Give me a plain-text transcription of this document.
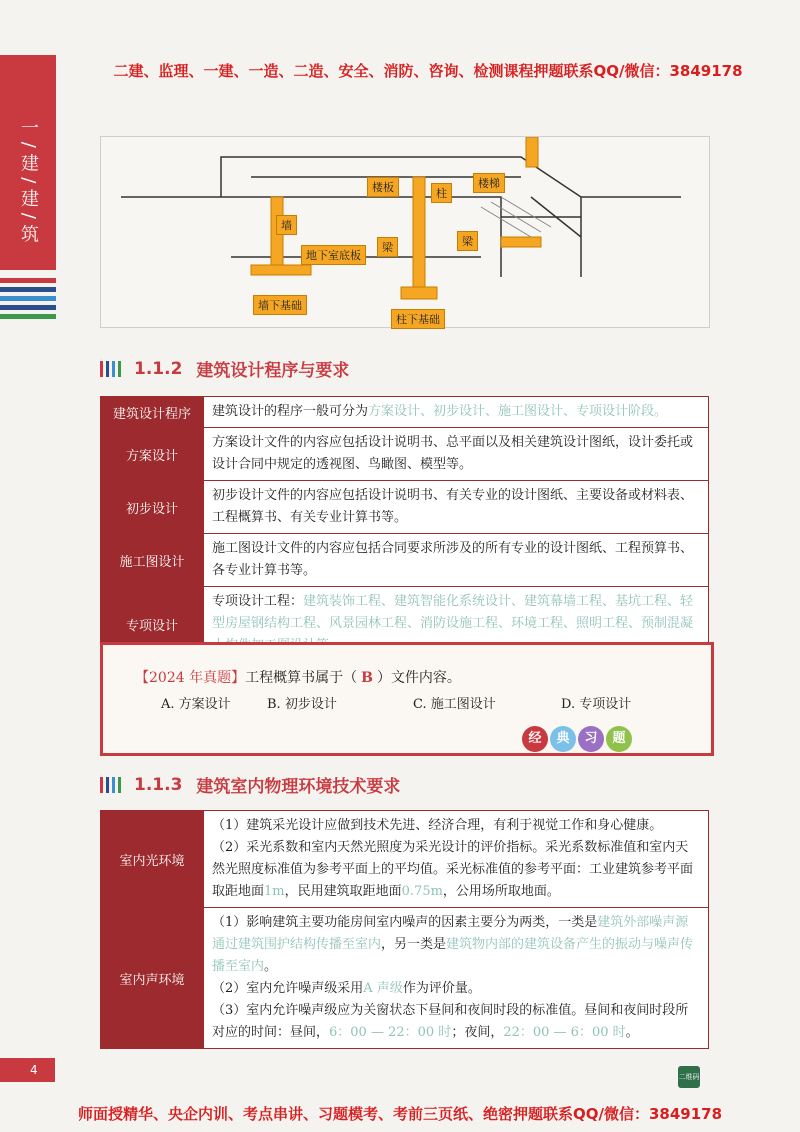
一 / 建 / 建 / 筑
二建、监理、一建、一造、二造、安全、消防、咨询、检测课程押题联系QQ/微信：3849178
楼板	柱
楼梯
墙
地下室底板
梁	梁
墙下基础
柱下基础
1.1.2 建筑设计程序与要求
建筑设计程序	建筑设计的程序一般可分为方案设计、初步设计、施工图设计、专项设计阶段。
方案设计	方案设计文件的内容应包括设计说明书、总平面以及相关建筑设计图纸，设计委托或设计合同中规定的透视图、鸟瞰图、模型等。
初步设计	初步设计文件的内容应包括设计说明书、有关专业的设计图纸、主要设备或材料表、工程概算书、有关专业计算书等。
施工图设计	施工图设计文件的内容应包括合同要求所涉及的所有专业的设计图纸、工程预算书、各专业计算书等。
专项设计	专项设计工程：建筑装饰工程、建筑智能化系统设计、建筑幕墙工程、基坑工程、轻型房屋钢结构工程、风景园林工程、消防设施工程、环境工程、照明工程、预制混凝
【2024 年真题】工程概算书属于（ B ）文件内容。
A. 方案设计	B. 初步设计	C. 施工图设计	D. 专项设计
经	典	习	题
1.1.3 建筑室内物理环境技术要求
室内光环境	（1）建筑采光设计应做到技术先进、经济合理，有利于视觉工作和身心健康。
（2）采光系数和室内天然光照度为采光设计的评价指标。采光系数标准值和室内天然光照度标准值为参考平面上的平均值。采光标准值的参考平面：工业建筑参考平面取距地面1m，民用建筑取距地面0.75m，公用场所取地面。

室内声环境	（1）影响建筑主要功能房间室内噪声的因素主要分为两类，一类是建筑外部噪声源通过建筑围护结构传播至室内，另一类是建筑物内部的建筑设备产生的振动与噪声传播至室内。
（2）室内允许噪声级采用A 声级作为评价量。
（3）室内允许噪声级应为关窗状态下昼间和夜间时段的标准值。昼间和夜间时段所对应的时间：昼间，6：00 — 22：00 时；夜间，22：00 — 6：00 时。
4	二维码
师面授精华、央企内训、考点串讲、习题模考、考前三页纸、绝密押题联系QQ/微信：3849178
